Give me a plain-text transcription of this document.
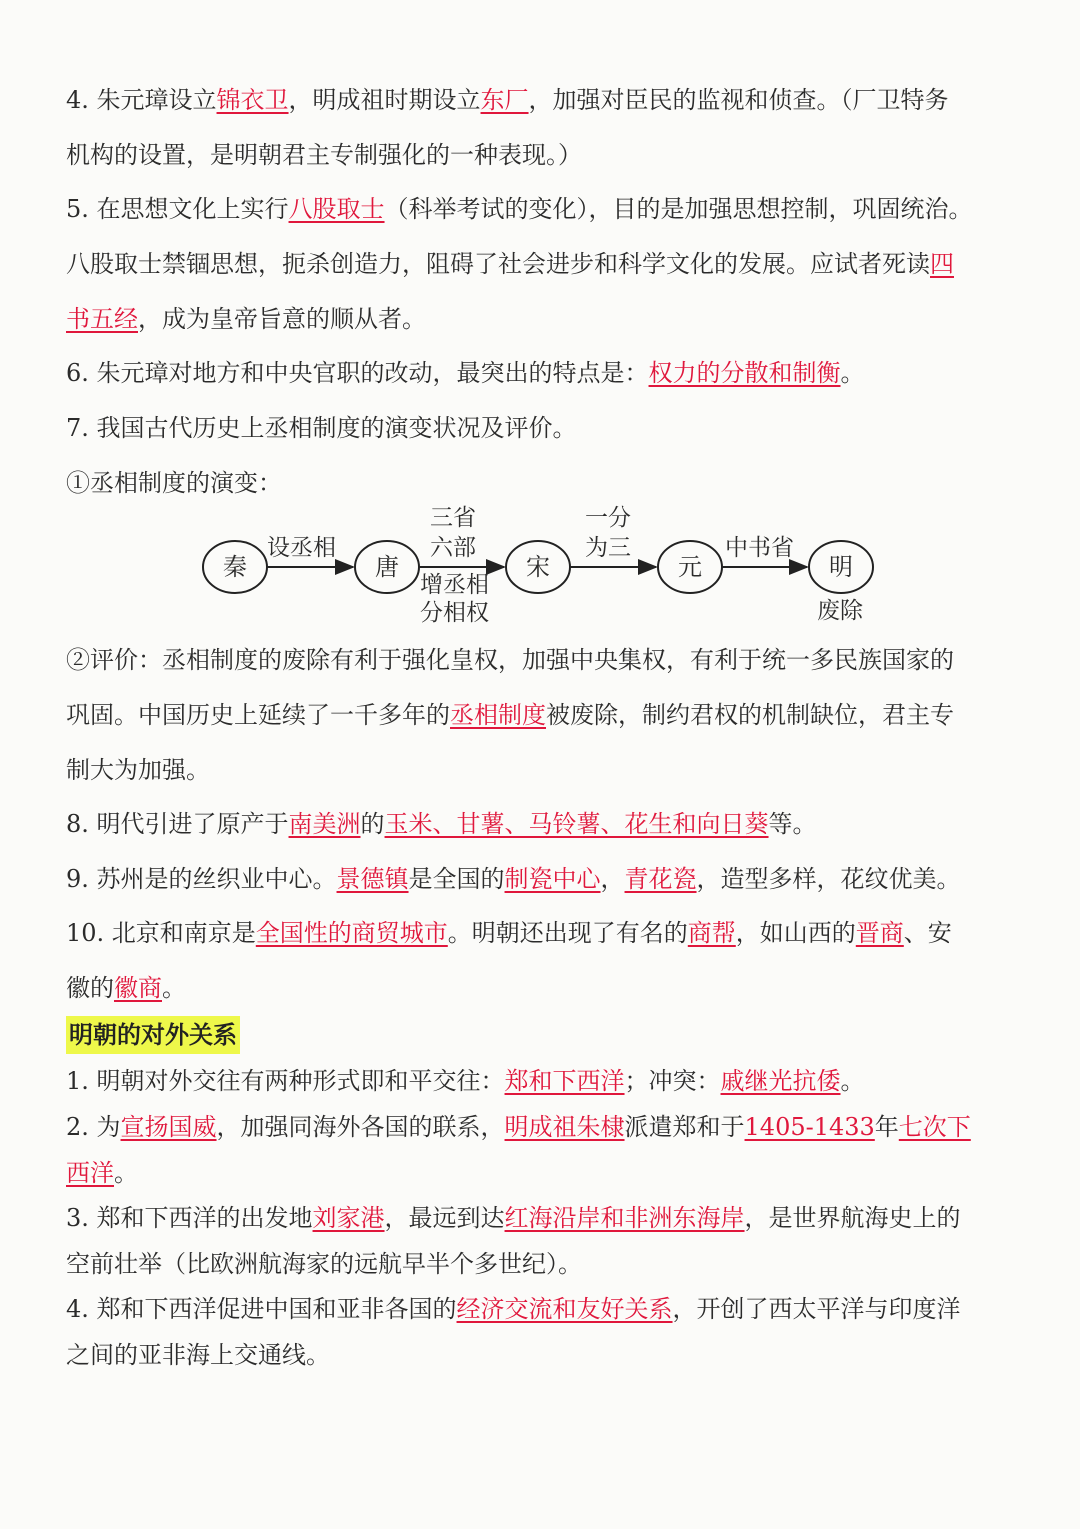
4. 朱元璋设立锦衣卫，明成祖时期设立东厂，加强对臣民的监视和侦查。（厂卫特务
机构的设置，是明朝君主专制强化的一种表现。）
5. 在思想文化上实行八股取士（科举考试的变化），目的是加强思想控制，巩固统治。
八股取士禁锢思想，扼杀创造力，阻碍了社会进步和科学文化的发展。应试者死读四
书五经，成为皇帝旨意的顺从者。
6. 朱元璋对地方和中央官职的改动，最突出的特点是：权力的分散和制衡。
7. 我国古代历史上丞相制度的演变状况及评价。
①丞相制度的演变：
秦	唐	宋	元	明
设丞相
三省
六部
增丞相
分相权
一分
为三	中书省
废除
②评价：丞相制度的废除有利于强化皇权，加强中央集权，有利于统一多民族国家的
巩固。中国历史上延续了一千多年的丞相制度被废除，制约君权的机制缺位，君主专
制大为加强。
8. 明代引进了原产于南美洲的玉米、甘薯、马铃薯、花生和向日葵等。
9. 苏州是的丝织业中心。景德镇是全国的制瓷中心，青花瓷，造型多样，花纹优美。
10. 北京和南京是全国性的商贸城市。明朝还出现了有名的商帮，如山西的晋商、安
徽的徽商。
明朝的对外关系
1. 明朝对外交往有两种形式即和平交往：郑和下西洋；冲突：戚继光抗倭。
2. 为宣扬国威，加强同海外各国的联系，明成祖朱棣派遣郑和于1405-1433年七次下
西洋。
3. 郑和下西洋的出发地刘家港，最远到达红海沿岸和非洲东海岸，是世界航海史上的
空前壮举（比欧洲航海家的远航早半个多世纪）。
4. 郑和下西洋促进中国和亚非各国的经济交流和友好关系，开创了西太平洋与印度洋
之间的亚非海上交通线。
